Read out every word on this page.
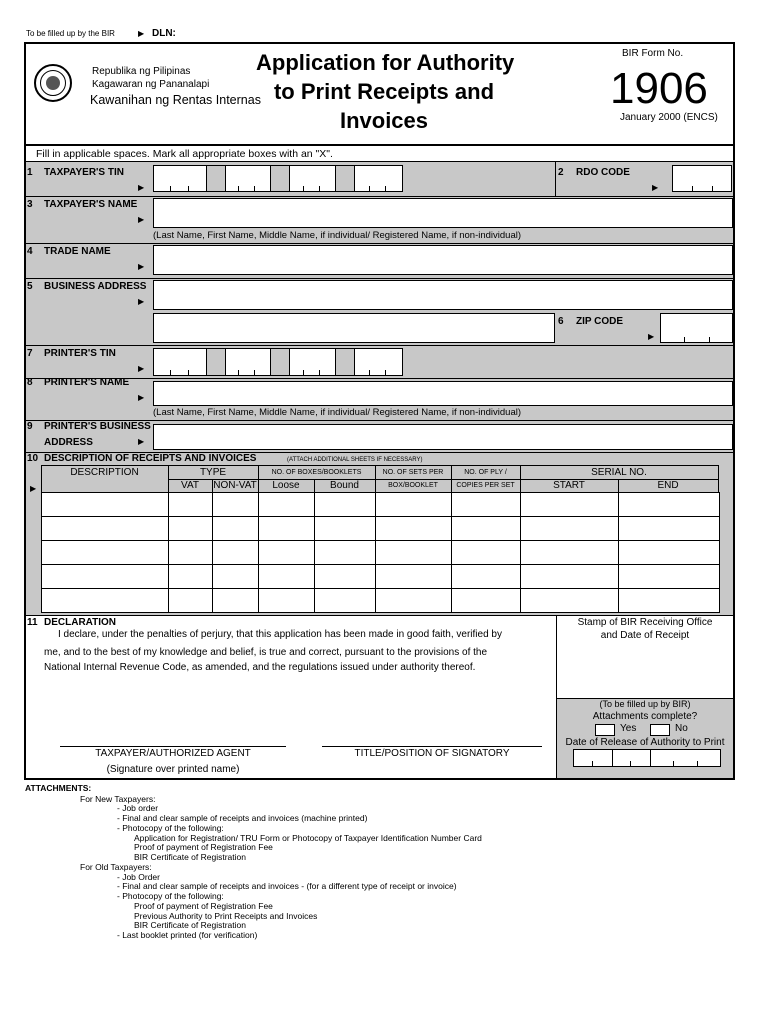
To be filled up by the BIR	▶ DLN:
Republika ng Pilipinas
Kagawaran ng Pananalapi
Kawanihan ng Rentas Internas
Application for Authority
to Print Receipts and
Invoices
BIR Form No.
1906
January 2000 (ENCS)
Fill in applicable spaces. Mark all appropriate boxes with an "X".
1 TAXPAYER'S TIN
▶
2 RDO CODE
▶
3 TAXPAYER'S NAME
▶
(Last Name, First Name, Middle Name, if individual/ Registered Name, if non-individual)
4 TRADE NAME
▶
5 BUSINESS ADDRESS
▶
6 ZIP CODE
▶
7 PRINTER'S TIN
▶
8 PRINTER'S NAME
▶
(Last Name, First Name, Middle Name, if individual/ Registered Name, if non-individual)
9 PRINTER'S BUSINESS
ADDRESS	▶
10 DESCRIPTION OF RECEIPTS AND INVOICES	(ATTACH ADDITIONAL SHEETS IF NECESSARY)
▶
DESCRIPTION	TYPE
VAT	NON-VAT
NO. OF BOXES/BOOKLETS
Loose	Bound
NO. OF SETS PER
BOX/BOOKLET
NO. OF PLY /
COPIES PER SET
SERIAL NO.
START	END

11 DECLARATION
I declare, under the penalties of perjury, that this application has been made in good faith, verified by
me, and to the best of my knowledge and belief, is true and correct, pursuant to the provisions of the
National Internal Revenue Code, as amended, and the regulations issued under authority thereof.
TAXPAYER/AUTHORIZED AGENT
(Signature over printed name)
TITLE/POSITION OF SIGNATORY
Stamp of BIR Receiving Office
and Date of Receipt
(To be filled up by BIR)
Attachments complete?
Yes	No
Date of Release of Authority to Print
ATTACHMENTS:
For New Taxpayers:
- Job order
- Final and clear sample of receipts and invoices (machine printed)
- Photocopy of the following:
Application for Registration/ TRU Form or Photocopy of Taxpayer Identification Number Card
Proof of payment of Registration Fee
BIR Certificate of Registration
For Old Taxpayers:
- Job Order
- Final and clear sample of receipts and invoices - (for a different type of receipt or invoice)
- Photocopy of the following:
Proof of payment of Registration Fee
Previous Authority to Print Receipts and Invoices
BIR Certificate of Registration
- Last booklet printed (for verification)
